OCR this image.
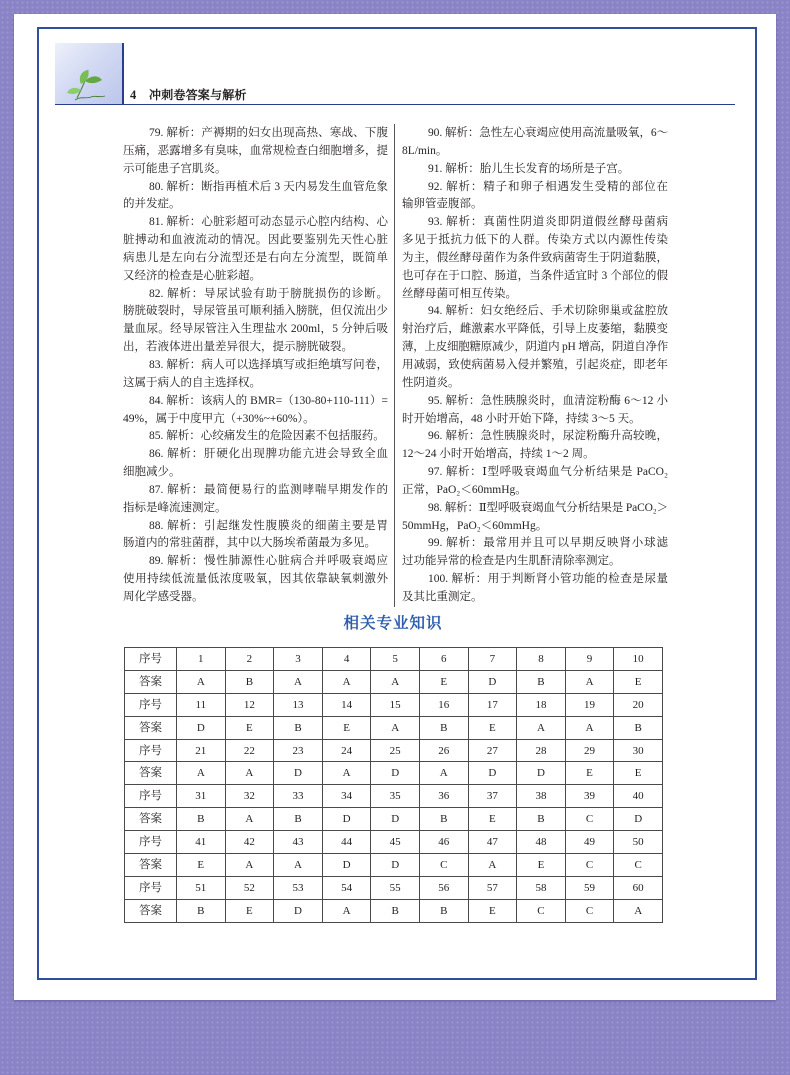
4 冲刺卷答案与解析
79. 解析：产褥期的妇女出现高热、寒战、下腹
压痛，恶露增多有臭味，血常规检查白细胞增多，提
示可能患子宫肌炎。
80. 解析：断指再植术后 3 天内易发生血管危象
的并发症。
81. 解析：心脏彩超可动态显示心腔内结构、心
脏搏动和血液流动的情况。因此要鉴别先天性心脏
病患儿是左向右分流型还是右向左分流型，既简单
又经济的检查是心脏彩超。
82. 解析：导尿试验有助于膀胱损伤的诊断。
膀胱破裂时，导尿管虽可顺利插入膀胱，但仅流出少
量血尿。经导尿管注入生理盐水 200ml，5 分钟后吸
出，若液体进出量差异很大，提示膀胱破裂。
83. 解析：病人可以选择填写或拒绝填写问卷，
这属于病人的自主选择权。
84. 解析：该病人的 BMR=（130-80+110-111）=
49%，属于中度甲亢（+30%~+60%）。
85. 解析：心绞痛发生的危险因素不包括服药。
86. 解析：肝硬化出现脾功能亢进会导致全血
细胞减少。
87. 解析：最简便易行的监测哮喘早期发作的
指标是峰流速测定。
88. 解析：引起继发性腹膜炎的细菌主要是胃
肠道内的常驻菌群，其中以大肠埃希菌最为多见。
89. 解析：慢性肺源性心脏病合并呼吸衰竭应
使用持续低流量低浓度吸氧，因其依靠缺氧刺激外
周化学感受器。
90. 解析：急性左心衰竭应使用高流量吸氧，6～
8L/min。
91. 解析：胎儿生长发育的场所是子宫。
92. 解析：精子和卵子相遇发生受精的部位在
输卵管壶腹部。
93. 解析：真菌性阴道炎即阴道假丝酵母菌病
多见于抵抗力低下的人群。传染方式以内源性传染
为主，假丝酵母菌作为条件致病菌寄生于阴道黏膜，
也可存在于口腔、肠道，当条件适宜时 3 个部位的假
丝酵母菌可相互传染。
94. 解析：妇女绝经后、手术切除卵巢或盆腔放
射治疗后，雌激素水平降低，引导上皮萎缩，黏膜变
薄，上皮细胞糖原减少，阴道内 pH 增高，阴道自净作
用减弱，致使病菌易入侵并繁殖，引起炎症，即老年
性阴道炎。
95. 解析：急性胰腺炎时，血清淀粉酶 6～12 小
时开始增高，48 小时开始下降，持续 3～5 天。
96. 解析：急性胰腺炎时，尿淀粉酶升高较晚，
12～24 小时开始增高，持续 1～2 周。
97. 解析：Ⅰ型呼吸衰竭血气分析结果是 PaCO₂
正常，PaO₂＜60mmHg。
98. 解析：Ⅱ型呼吸衰竭血气分析结果是 PaCO₂＞
50mmHg，PaO₂＜60mmHg。
99. 解析：最常用并且可以早期反映肾小球滤
过功能异常的检查是内生肌酐清除率测定。
100. 解析：用于判断肾小管功能的检查是尿量
及其比重测定。
相关专业知识
序号	1	2	3	4	5	6	7	8	9	10
答案	A	B	A	A	A	E	D	B	A	E
序号	11	12	13	14	15	16	17	18	19	20
答案	D	E	B	E	A	B	E	A	A	B
序号	21	22	23	24	25	26	27	28	29	30
答案	A	A	D	A	D	A	D	D	E	E
序号	31	32	33	34	35	36	37	38	39	40
答案	B	A	B	D	D	B	E	B	C	D
序号	41	42	43	44	45	46	47	48	49	50
答案	E	A	A	D	D	C	A	E	C	C
序号	51	52	53	54	55	56	57	58	59	60
答案	B	E	D	A	B	B	E	C	C	A
